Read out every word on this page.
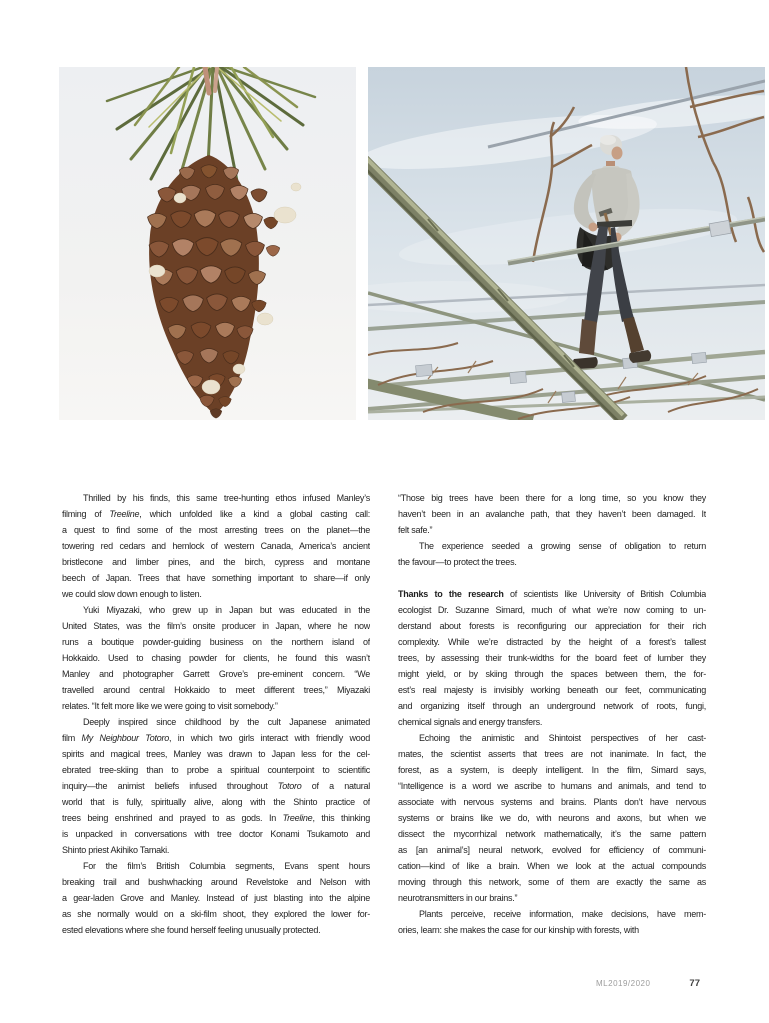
Thrilled by his finds, this same tree-hunting ethos infused Manley’s
filming of Treeline, which unfolded like a kind a global casting call:
a quest to find some of the most arresting trees on the planet—the
towering red cedars and hemlock of western Canada, America’s ancient
bristlecone and limber pines, and the birch, cypress and montane
beech of Japan. Trees that have something important to share—if only
we could slow down enough to listen.
Yuki Miyazaki, who grew up in Japan but was educated in the
United States, was the film’s onsite producer in Japan, where he now
runs a boutique powder-guiding business on the northern island of
Hokkaido. Used to chasing powder for clients, he found this wasn’t
Manley and photographer Garrett Grove’s pre-eminent concern. “We
travelled around central Hokkaido to meet different trees,” Miyazaki
relates. “It felt more like we were going to visit somebody.”
Deeply inspired since childhood by the cult Japanese animated
film My Neighbour Totoro, in which two girls interact with friendly wood
spirits and magical trees, Manley was drawn to Japan less for the cel-
ebrated tree-skiing than to probe a spiritual counterpoint to scientific
inquiry—the animist beliefs infused throughout Totoro of a natural
world that is fully, spiritually alive, along with the Shinto practice of
trees being enshrined and prayed to as gods. In Treeline, this thinking
is unpacked in conversations with tree doctor Konami Tsukamoto and
Shinto priest Akihiko Tamaki.
For the film’s British Columbia segments, Evans spent hours
breaking trail and bushwhacking around Revelstoke and Nelson with
a gear-laden Grove and Manley. Instead of just blasting into the alpine
as she normally would on a ski-film shoot, they explored the lower for-
ested elevations where she found herself feeling unusually protected.
“Those big trees have been there for a long time, so you know they
haven’t been in an avalanche path, that they haven’t been damaged. It
felt safe.”
The experience seeded a growing sense of obligation to return
the favour—to protect the trees.
Thanks to the research of scientists like University of British Columbia
ecologist Dr. Suzanne Simard, much of what we’re now coming to un-
derstand about forests is reconfiguring our appreciation for their rich
complexity. While we’re distracted by the height of a forest’s tallest
trees, by assessing their trunk-widths for the board feet of lumber they
might yield, or by skiing through the spaces between them, the for-
est’s real majesty is invisibly working beneath our feet, communicating
and organizing itself through an underground network of roots, fungi,
chemical signals and energy transfers.
Echoing the animistic and Shintoist perspectives of her cast-
mates, the scientist asserts that trees are not inanimate. In fact, the
forest, as a system, is deeply intelligent. In the film, Simard says,
“Intelligence is a word we ascribe to humans and animals, and tend to
associate with nervous systems and brains. Plants don’t have nervous
systems or brains like we do, with neurons and axons, but when we
dissect the mycorrhizal network mathematically, it’s the same pattern
as [an animal’s] neural network, evolved for efficiency of communi-
cation—kind of like a brain. When we look at the actual compounds
moving through this network, some of them are exactly the same as
neurotransmitters in our brains.”
Plants perceive, receive information, make decisions, have mem-
ories, learn: she makes the case for our kinship with forests, with
ML2019/2020	77
